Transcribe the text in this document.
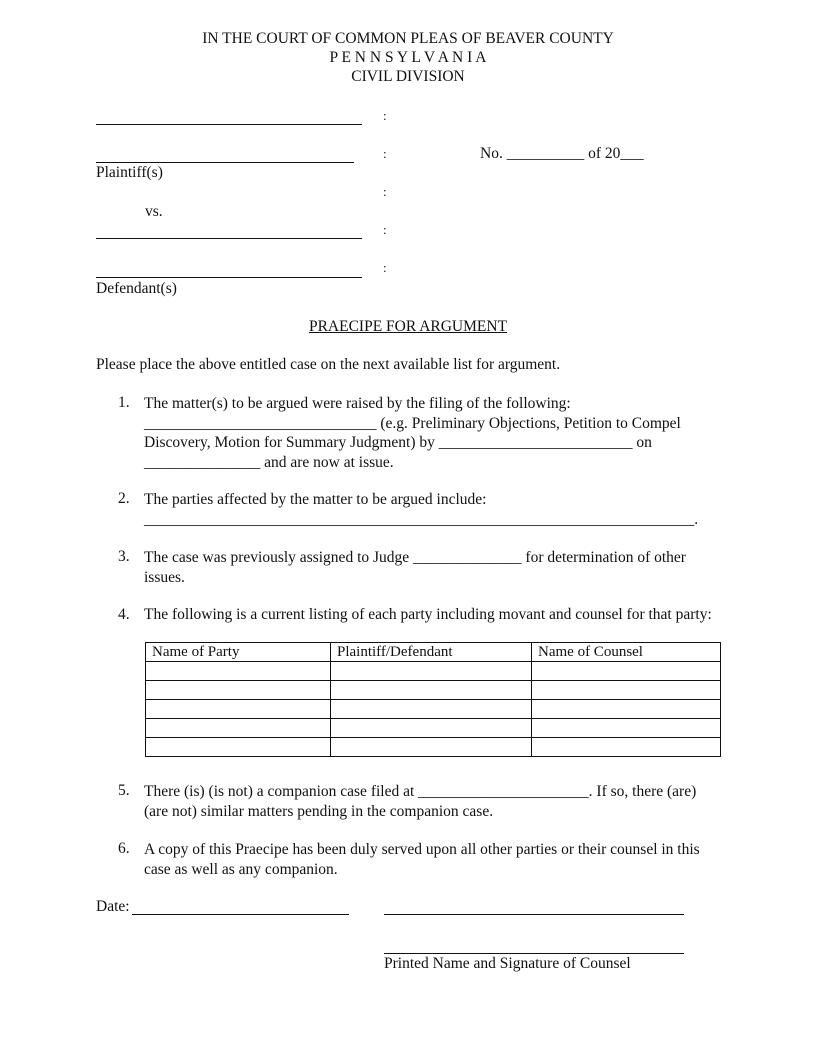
IN THE COURT OF COMMON PLEAS OF BEAVER COUNTY
P E N N S Y L V A N I A
CIVIL DIVISION
:
:	No. __________ of 20___
Plaintiff(s)
:
vs.
:
:
Defendant(s)
PRAECIPE FOR ARGUMENT
Please place the above entitled case on the next available list for argument.
1. The matter(s) to be argued were raised by the filing of the following: ______________________________ (e.g. Preliminary Objections, Petition to Compel Discovery, Motion for Summary Judgment) by _________________________ on _______________ and are now at issue.
2. The parties affected by the matter to be argued include: _______________________________________________________________________.
3. The case was previously assigned to Judge ______________ for determination of other issues.
4. The following is a current listing of each party including movant and counsel for that party:
Name of Party	Plaintiff/Defendant	Name of Counsel

5. There (is) (is not) a companion case filed at ______________________. If so, there (are) (are not) similar matters pending in the companion case.
6. A copy of this Praecipe has been duly served upon all other parties or their counsel in this case as well as any companion.
Date:
Printed Name and Signature of Counsel
